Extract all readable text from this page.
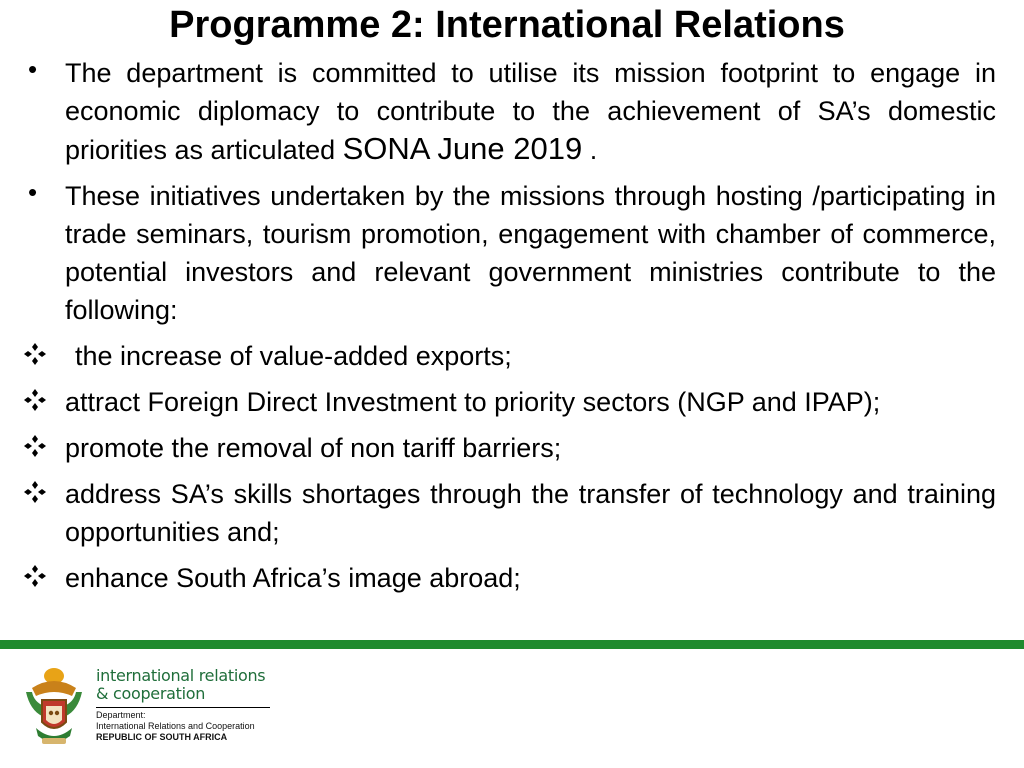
Programme 2: International Relations
• The department is committed to utilise its mission footprint to engage in economic diplomacy to contribute to the achievement of SA’s domestic priorities as articulated SONA June 2019 .
• These initiatives undertaken by the missions through hosting /participating in trade seminars, tourism promotion, engagement with chamber of commerce, potential investors and relevant government ministries contribute to the following:
the increase of value-added exports;
attract Foreign Direct Investment to priority sectors (NGP and IPAP);
promote the removal of non tariff barriers;
address SA’s skills shortages through the transfer of technology and training opportunities and;
enhance South Africa’s image abroad;
international relations
& cooperation
Department:
International Relations and Cooperation
REPUBLIC OF SOUTH AFRICA
